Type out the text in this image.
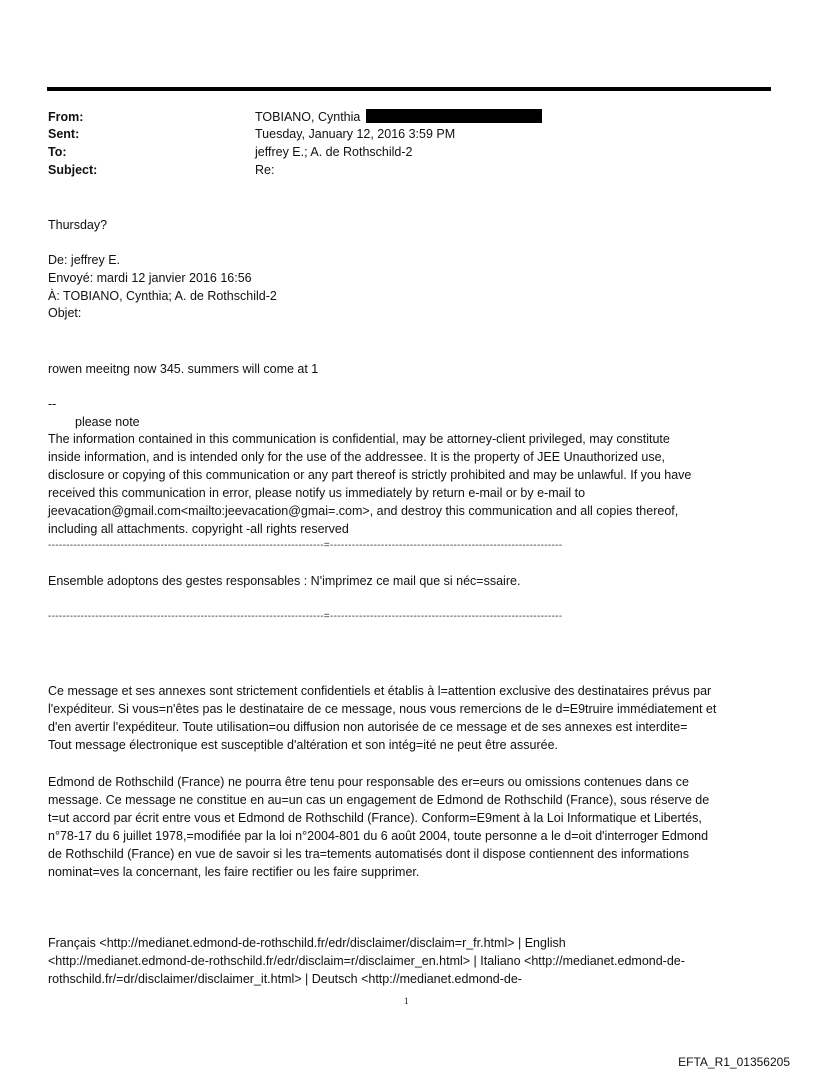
From:	TOBIANO, Cynthia
Sent:	Tuesday, January 12, 2016 3:59 PM
To:	jeffrey E.; A. de Rothschild-2
Subject:	Re:
Thursday?
De: jeffrey E.
Envoyé: mardi 12 janvier 2016 16:56
À: TOBIANO, Cynthia; A. de Rothschild-2
Objet:
rowen meeitng now 345. summers will come at 1
--
please note
The information contained in this communication is confidential, may be attorney-client privileged, may constitute
inside information, and is intended only for the use of the addressee. It is the property of JEE Unauthorized use,
disclosure or copying of this communication or any part thereof is strictly prohibited and may be unlawful. If you have
received this communication in error, please notify us immediately by return e-mail or by e-mail to
jeevacation@gmail.com<mailto:jeevacation@gmai=.com>, and destroy this communication and all copies thereof,
including all attachments. copyright -all rights reserved
----------------------------------------------------------------------------=----------------------------------------------------------------
Ensemble adoptons des gestes responsables : N'imprimez ce mail que si néc=ssaire.
----------------------------------------------------------------------------=----------------------------------------------------------------
Ce message et ses annexes sont strictement confidentiels et établis à l=attention exclusive des destinataires prévus par
l'expéditeur. Si vous=n'êtes pas le destinataire de ce message, nous vous remercions de le d=E9truire immédiatement et
d'en avertir l'expéditeur. Toute utilisation=ou diffusion non autorisée de ce message et de ses annexes est interdite=
Tout message électronique est susceptible d'altération et son intég=ité ne peut être assurée.
Edmond de Rothschild (France) ne pourra être tenu pour responsable des er=eurs ou omissions contenues dans ce
message. Ce message ne constitue en au=un cas un engagement de Edmond de Rothschild (France), sous réserve de
t=ut accord par écrit entre vous et Edmond de Rothschild (France). Conform=E9ment à la Loi Informatique et Libertés,
n°78-17 du 6 juillet 1978,=modifiée par la loi n°2004-801 du 6 août 2004, toute personne a le d=oit d'interroger Edmond
de Rothschild (France) en vue de savoir si les tra=tements automatisés dont il dispose contiennent des informations
nominat=ves la concernant, les faire rectifier ou les faire supprimer.
Français <http://medianet.edmond-de-rothschild.fr/edr/disclaimer/disclaim=r_fr.html> | English
<http://medianet.edmond-de-rothschild.fr/edr/disclaim=r/disclaimer_en.html> | Italiano <http://medianet.edmond-de-
rothschild.fr/=dr/disclaimer/disclaimer_it.html> | Deutsch <http://medianet.edmond-de-
1
EFTA_R1_01356205
